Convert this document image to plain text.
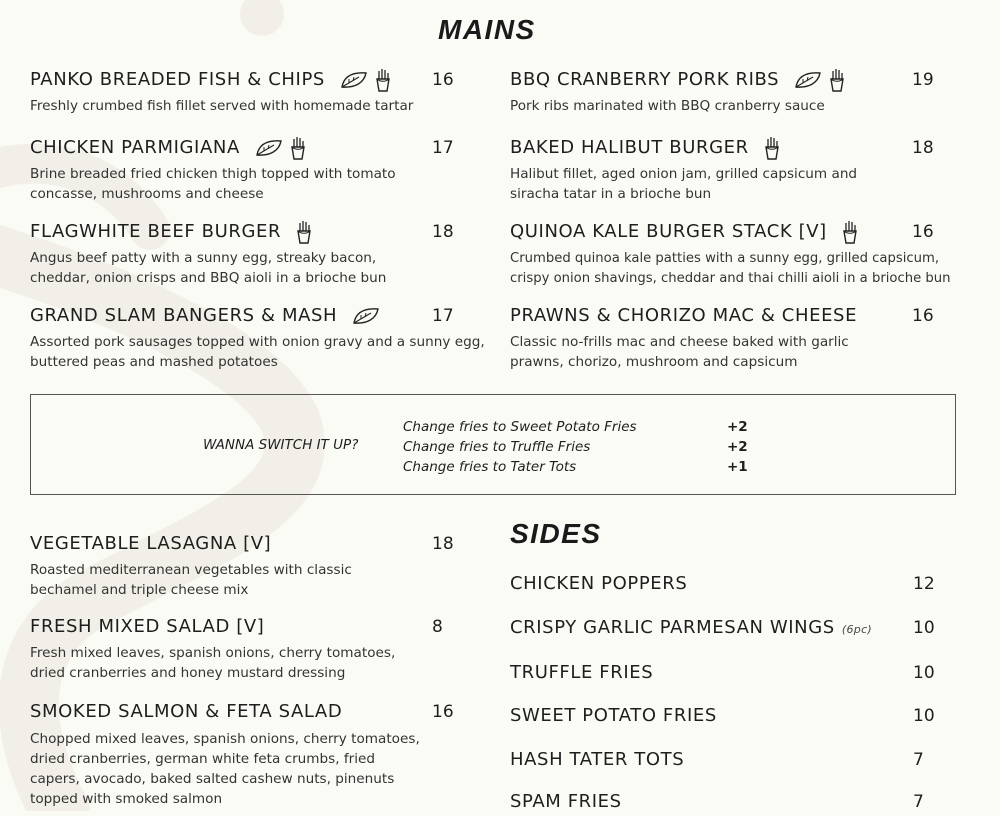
MAINS
PANKO BREADED FISH & CHIPS	16
Freshly crumbed fish fillet served with homemade tartar
CHICKEN PARMIGIANA	17
Brine breaded fried chicken thigh topped with tomato
concasse, mushrooms and cheese
FLAGWHITE BEEF BURGER	18
Angus beef patty with a sunny egg, streaky bacon,
cheddar, onion crisps and BBQ aioli in a brioche bun
GRAND SLAM BANGERS & MASH	17
Assorted pork sausages topped with onion gravy and a sunny egg,
buttered peas and mashed potatoes
BBQ CRANBERRY PORK RIBS	19
Pork ribs marinated with BBQ cranberry sauce
BAKED HALIBUT BURGER	18
Halibut fillet, aged onion jam, grilled capsicum and
siracha tatar in a brioche bun
QUINOA KALE BURGER STACK [V]	16
Crumbed quinoa kale patties with a sunny egg, grilled capsicum,
crispy onion shavings, cheddar and thai chilli aioli in a brioche bun
PRAWNS & CHORIZO MAC & CHEESE	16
Classic no-frills mac and cheese baked with garlic
prawns, chorizo, mushroom and capsicum
WANNA SWITCH IT UP?
Change fries to Sweet Potato Fries	+2
Change fries to Truffle Fries	+2
Change fries to Tater Tots	+1
VEGETABLE LASAGNA [V]	18
Roasted mediterranean vegetables with classic
bechamel and triple cheese mix
FRESH MIXED SALAD [V]	8
Fresh mixed leaves, spanish onions, cherry tomatoes,
dried cranberries and honey mustard dressing
SMOKED SALMON & FETA SALAD	16
Chopped mixed leaves, spanish onions, cherry tomatoes,
dried cranberries, german white feta crumbs, fried
capers, avocado, baked salted cashew nuts, pinenuts
topped with smoked salmon
SIDES
CHICKEN POPPERS	12
CRISPY GARLIC PARMESAN WINGS (6pc) 10
TRUFFLE FRIES	10
SWEET POTATO FRIES	10
HASH TATER TOTS	7
SPAM FRIES	7
